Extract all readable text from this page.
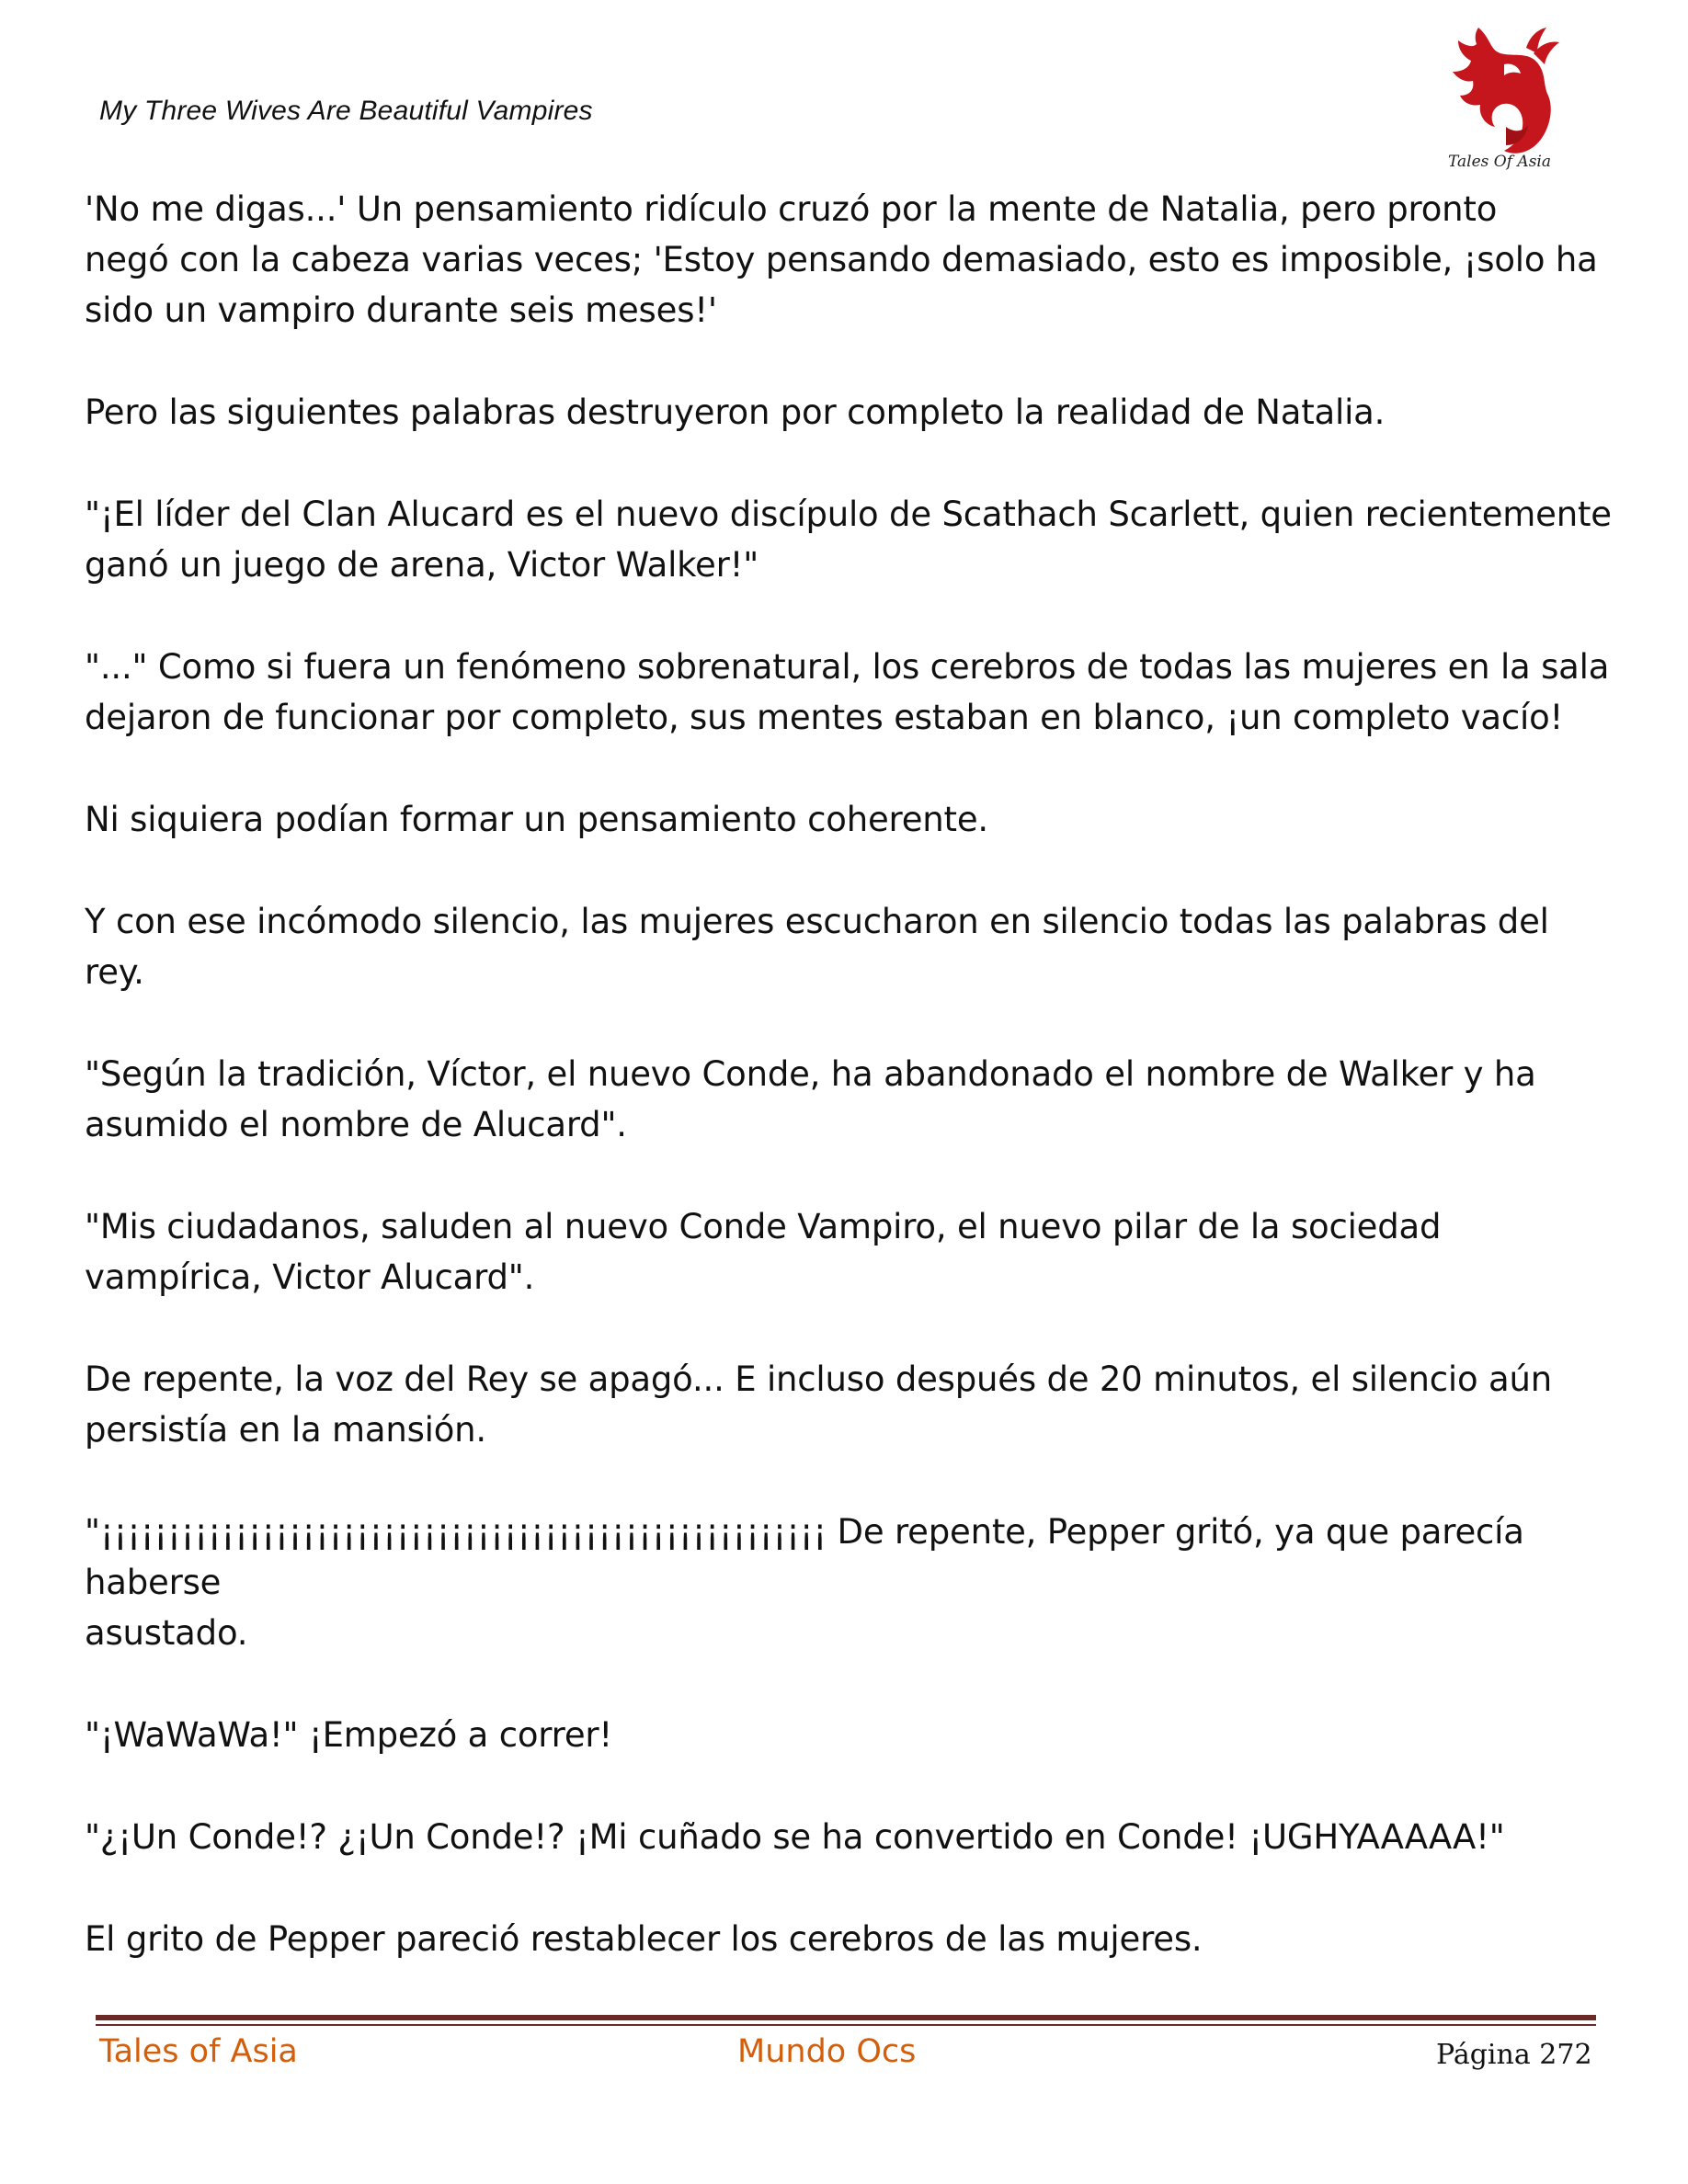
My Three Wives Are Beautiful Vampires
Tales Of Asia

'No me digas...' Un pensamiento ridículo cruzó por la mente de Natalia, pero pronto
negó con la cabeza varias veces; 'Estoy pensando demasiado, esto es imposible, ¡solo ha
sido un vampiro durante seis meses!'

Pero las siguientes palabras destruyeron por completo la realidad de Natalia.

"¡El líder del Clan Alucard es el nuevo discípulo de Scathach Scarlett, quien recientemente
ganó un juego de arena, Victor Walker!"

"..." Como si fuera un fenómeno sobrenatural, los cerebros de todas las mujeres en la sala
dejaron de funcionar por completo, sus mentes estaban en blanco, ¡un completo vacío!

Ni siquiera podían formar un pensamiento coherente.

Y con ese incómodo silencio, las mujeres escucharon en silencio todas las palabras del
rey.

"Según la tradición, Víctor, el nuevo Conde, ha abandonado el nombre de Walker y ha
asumido el nombre de Alucard".

"Mis ciudadanos, saluden al nuevo Conde Vampiro, el nuevo pilar de la sociedad
vampírica, Victor Alucard".

De repente, la voz del Rey se apagó... E incluso después de 20 minutos, el silencio aún
persistía en la mansión.

"¡¡¡¡¡¡¡¡¡¡¡¡¡¡¡¡¡¡¡¡¡¡¡¡¡¡¡¡¡¡¡¡¡¡¡¡¡¡¡¡¡¡¡¡¡¡¡¡¡¡¡¡¡¡ De repente, Pepper gritó, ya que parecía haberse
asustado.

"¡WaWaWa!" ¡Empezó a correr!

"¿¡Un Conde!? ¿¡Un Conde!? ¡Mi cuñado se ha convertido en Conde! ¡UGHYAAAAA!"

El grito de Pepper pareció restablecer los cerebros de las mujeres.

Tales of Asia	Mundo Ocs	Página 272
